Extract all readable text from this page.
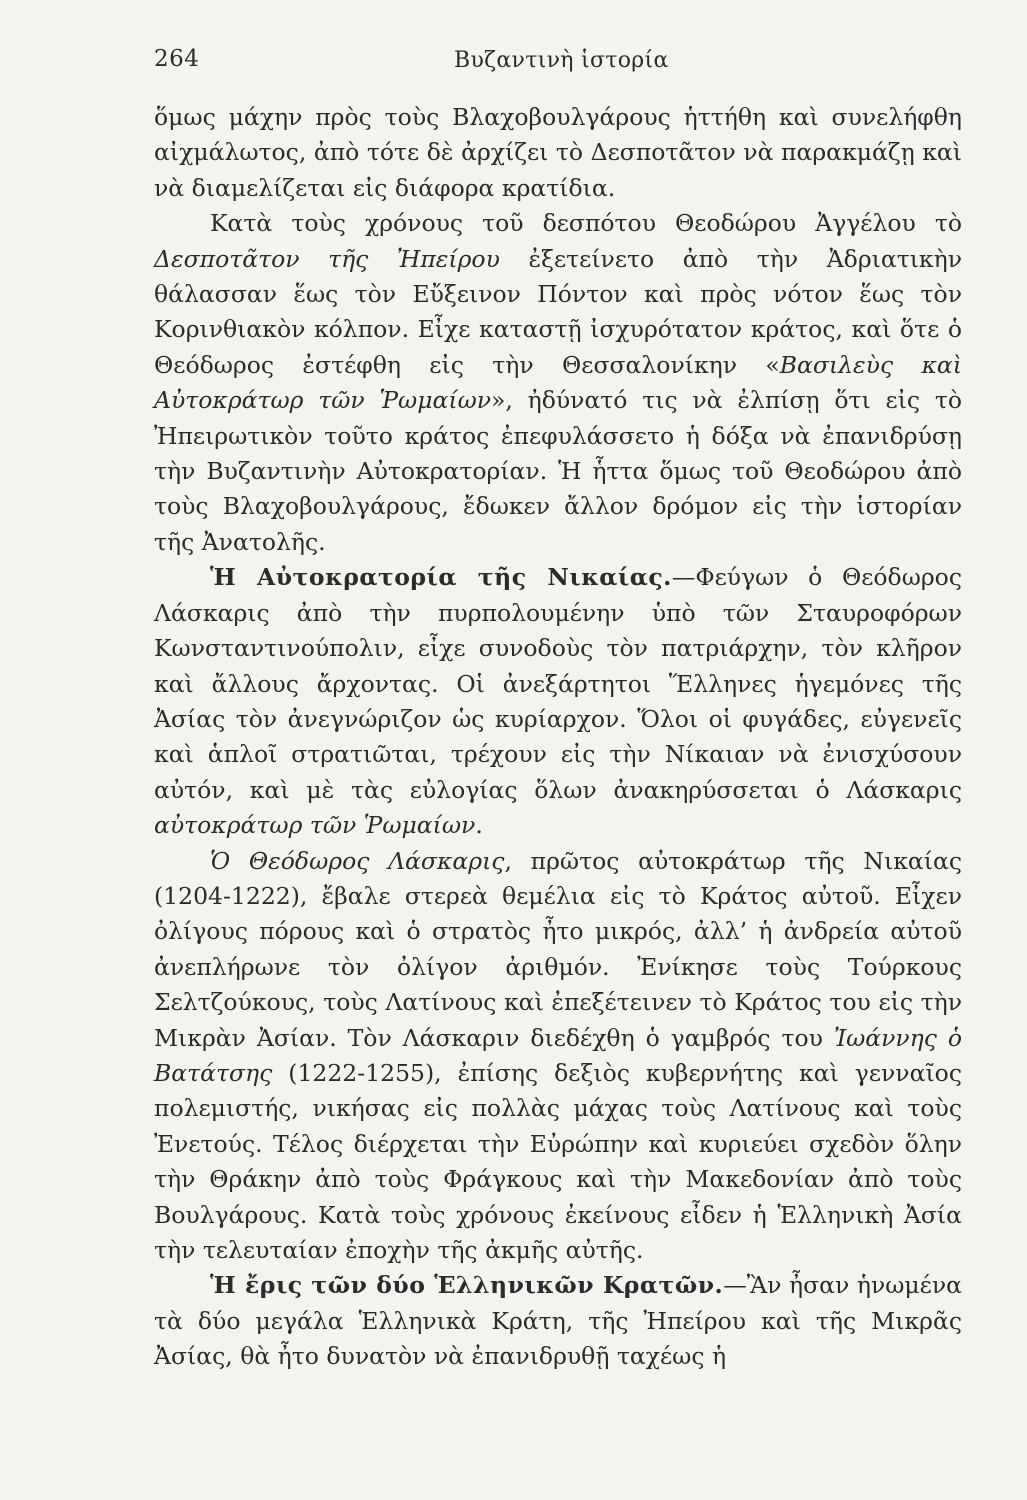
264	Βυζαντινὴ ἱστορία

ὅμως μάχην πρὸς τοὺς Βλαχοβουλγάρους ἡττήθη καὶ συνελήφθη αἰχμάλωτος, ἀπὸ τότε δὲ ἀρχίζει τὸ Δεσποτᾶτον νὰ παρακμάζῃ καὶ νὰ διαμελίζεται εἰς διάφορα κρατίδια.

Κατὰ τοὺς χρόνους τοῦ δεσπότου Θεοδώρου Ἀγγέλου τὸ Δεσποτᾶτον τῆς Ἠπείρου ἐξετείνετο ἀπὸ τὴν Ἀδριατικὴν θάλασσαν ἕως τὸν Εὔξεινον Πόντον καὶ πρὸς νότον ἕως τὸν Κορινθιακὸν κόλπον. Εἶχε καταστῇ ἰσχυρότατον κράτος, καὶ ὅτε ὁ Θεόδωρος ἐστέφθη εἰς τὴν Θεσσαλονίκην «Βασιλεὺς καὶ Αὐτοκράτωρ τῶν Ῥωμαίων», ἠδύνατό τις νὰ ἐλπίσῃ ὅτι εἰς τὸ Ἠπειρωτικὸν τοῦτο κράτος ἐπεφυλάσσετο ἡ δόξα νὰ ἐπανιδρύσῃ τὴν Βυζαντινὴν Αὐτοκρατορίαν. Ἡ ἧττα ὅμως τοῦ Θεοδώρου ἀπὸ τοὺς Βλαχοβουλγάρους, ἔδωκεν ἄλλον δρόμον εἰς τὴν ἱστορίαν τῆς Ἀνατολῆς.

Ἡ Αὐτοκρατορία τῆς Νικαίας.—Φεύγων ὁ Θεόδωρος Λάσκαρις ἀπὸ τὴν πυρπολουμένην ὑπὸ τῶν Σταυροφόρων Κωνσταντινούπολιν, εἶχε συνοδοὺς τὸν πατριάρχην, τὸν κλῆρον καὶ ἄλλους ἄρχοντας. Οἱ ἀνεξάρτητοι Ἕλληνες ἡγεμόνες τῆς Ἀσίας τὸν ἀνεγνώριζον ὡς κυρίαρχον. Ὅλοι οἱ φυγάδες, εὐγενεῖς καὶ ἁπλοῖ στρατιῶται, τρέχουν εἰς τὴν Νίκαιαν νὰ ἐνισχύσουν αὐτόν, καὶ μὲ τὰς εὐλογίας ὅλων ἀνακηρύσσεται ὁ Λάσκαρις αὐτοκράτωρ τῶν Ῥωμαίων.

Ὁ Θεόδωρος Λάσκαρις, πρῶτος αὐτοκράτωρ τῆς Νικαίας (1204-1222), ἔβαλε στερεὰ θεμέλια εἰς τὸ Κράτος αὐτοῦ. Εἶχεν ὀλίγους πόρους καὶ ὁ στρατὸς ἦτο μικρός, ἀλλ’ ἡ ἀνδρεία αὐτοῦ ἀνεπλήρωνε τὸν ὀλίγον ἀριθμόν. Ἐνίκησε τοὺς Τούρκους Σελτζούκους, τοὺς Λατίνους καὶ ἐπεξέτεινεν τὸ Κράτος του εἰς τὴν Μικρὰν Ἀσίαν. Τὸν Λάσκαριν διεδέχθη ὁ γαμβρός του Ἰωάννης ὁ Βατάτσης (1222-1255), ἐπίσης δεξιὸς κυβερνήτης καὶ γενναῖος πολεμιστής, νικήσας εἰς πολλὰς μάχας τοὺς Λατίνους καὶ τοὺς Ἐνετούς. Τέλος διέρχεται τὴν Εὐρώπην καὶ κυριεύει σχεδὸν ὅλην τὴν Θράκην ἀπὸ τοὺς Φράγκους καὶ τὴν Μακεδονίαν ἀπὸ τοὺς Βουλγάρους. Κατὰ τοὺς χρόνους ἐκείνους εἶδεν ἡ Ἑλληνικὴ Ἀσία τὴν τελευταίαν ἐποχὴν τῆς ἀκμῆς αὐτῆς.

Ἡ ἔρις τῶν δύο Ἑλληνικῶν Κρατῶν.—Ἂν ἦσαν ἡνωμένα τὰ δύο μεγάλα Ἑλληνικὰ Κράτη, τῆς Ἠπείρου καὶ τῆς Μικρᾶς Ἀσίας, θὰ ἦτο δυνατὸν νὰ ἐπανιδρυθῇ ταχέως ἡ
